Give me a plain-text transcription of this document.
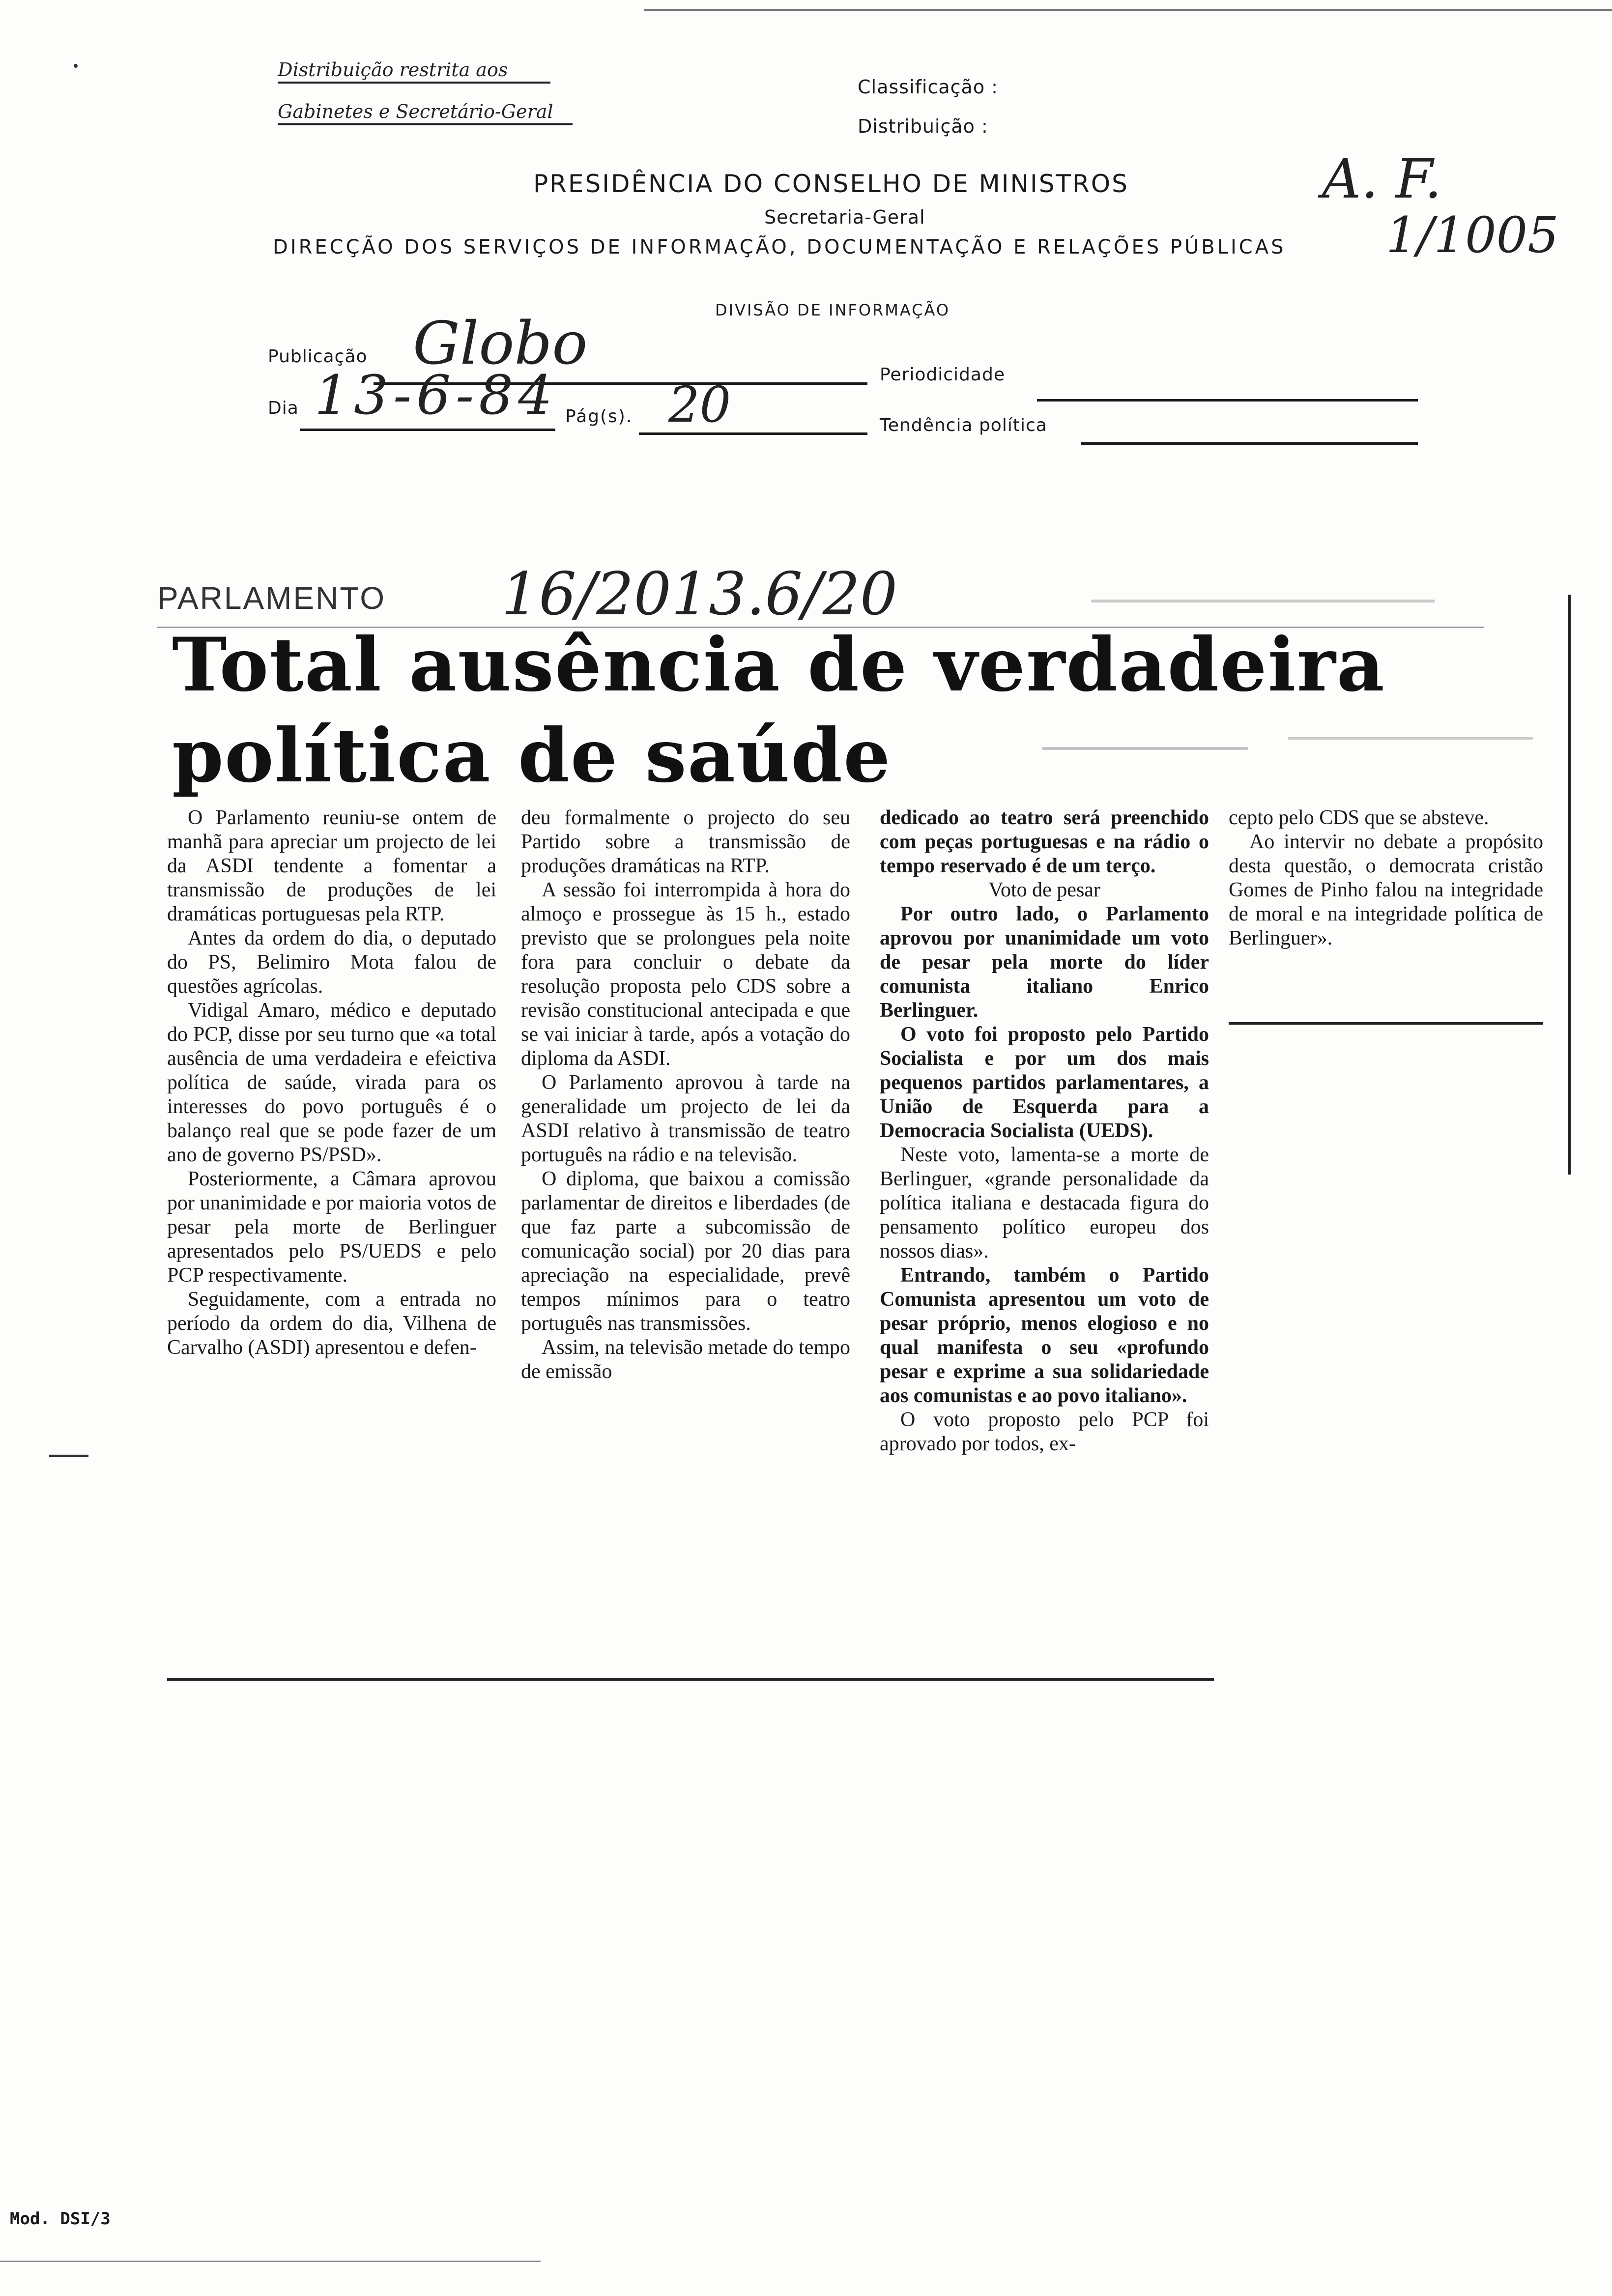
Distribuição restrita aos
Gabinetes e Secretário-Geral
Classificação :
Distribuição :
PRESIDÊNCIA DO CONSELHO DE MINISTROS
Secretaria-Geral
DIRECÇÃO DOS SERVIÇOS DE INFORMAÇÃO, DOCUMENTAÇÃO E RELAÇÕES PÚBLICAS
DIVISÃO DE INFORMAÇÃO
A. F.
1/1005
Publicação Globo	Periodicidade
Dia 13-6-84 Pág(s). 20	Tendência política
PARLAMENTO 16/2013.6/20
Total ausência de verdadeira
política de saúde

O Parlamento reuniu-se ontem de manhã para apreciar um projecto de lei da ASDI tendente a fomentar a transmissão de produções de lei dramáticas portuguesas pela RTP.

Antes da ordem do dia, o deputado do PS, Belimiro Mota falou de questões agrícolas.

Vidigal Amaro, médico e deputado do PCP, disse por seu turno que «a total ausência de uma verdadeira e efeictiva política de saúde, virada para os interesses do povo português é o balanço real que se pode fazer de um ano de governo PS/PSD».

Posteriormente, a Câmara aprovou por unanimidade e por maioria votos de pesar pela morte de Berlinguer apresentados pelo PS/UEDS e pelo PCP respectivamente.

Seguidamente, com a entrada no período da ordem do dia, Vilhena de Carvalho (ASDI) apresentou e defen-

deu formalmente o projecto do seu Partido sobre a transmissão de produções dramáticas na RTP.

A sessão foi interrompida à hora do almoço e prossegue às 15 h., estado previsto que se prolongues pela noite fora para concluir o debate da resolução proposta pelo CDS sobre a revisão constitucional antecipada e que se vai iniciar à tarde, após a votação do diploma da ASDI.

O Parlamento aprovou à tarde na generalidade um projecto de lei da ASDI relativo à transmissão de teatro português na rádio e na televisão.

O diploma, que baixou a comissão parlamentar de direitos e liberdades (de que faz parte a subcomissão de comunicação social) por 20 dias para apreciação na especialidade, prevê tempos mínimos para o teatro português nas transmissões.

Assim, na televisão metade do tempo de emissão

dedicado ao teatro será preenchido com peças portuguesas e na rádio o tempo reservado é de um terço.

Voto de pesar

Por outro lado, o Parlamento aprovou por unanimidade um voto de pesar pela morte do líder comunista italiano Enrico Berlinguer.

O voto foi proposto pelo Partido Socialista e por um dos mais pequenos partidos parlamentares, a União de Esquerda para a Democracia Socialista (UEDS).

Neste voto, lamenta-se a morte de Berlinguer, «grande personalidade da política italiana e destacada figura do pensamento político europeu dos nossos dias».

Entrando, também o Partido Comunista apresentou um voto de pesar próprio, menos elogioso e no qual manifesta o seu «profundo pesar e exprime a sua solidariedade aos comunistas e ao povo italiano».

O voto proposto pelo PCP foi aprovado por todos, ex-

cepto pelo CDS que se absteve.

Ao intervir no debate a propósito desta questão, o democrata cristão Gomes de Pinho falou na integridade de moral e na integridade política de Berlinguer».

Mod. DSI/3
